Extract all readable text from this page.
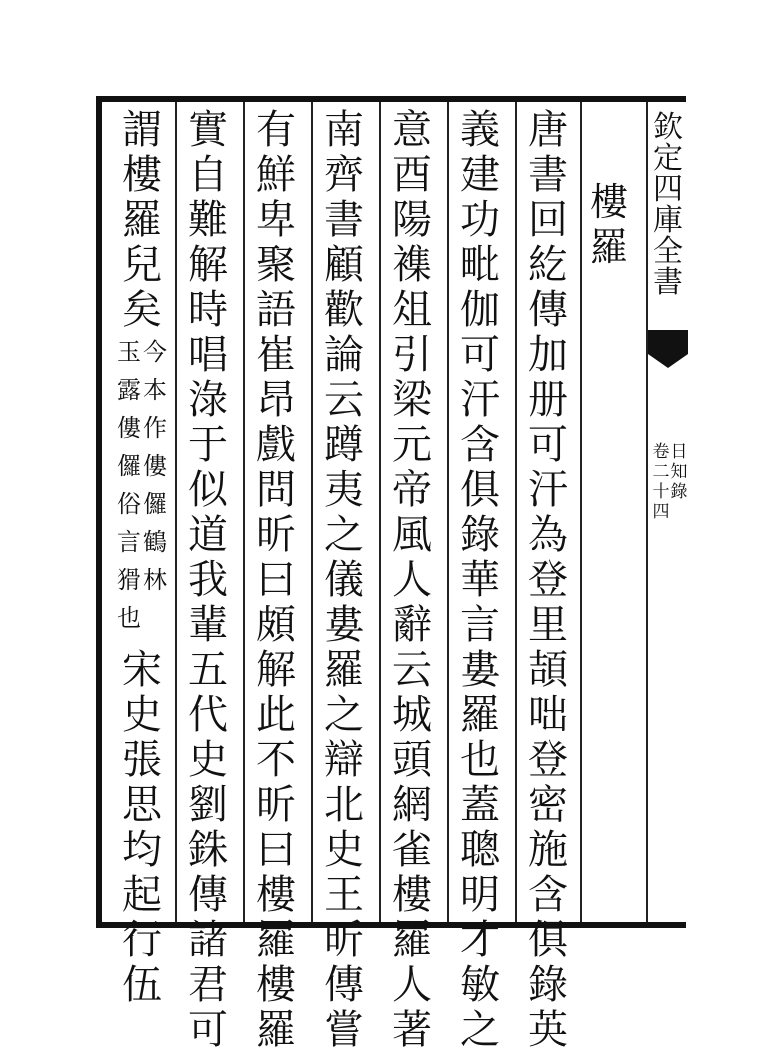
欽
定
四
庫
全
書
卷
二
十
四
日
知
錄
樓
羅
唐
書
回
紇
傳
加
册
可
汗
為
登
里
頡
咄
登
密
施
含
俱
錄
英
義
建
功
毗
伽
可
汗
含
俱
錄
華
言
婁
羅
也
蓋
聰
明
才
敏
之
意
酉
陽
襍
俎
引
梁
元
帝
風
人
辭
云
城
頭
網
雀
樓
羅
人
著
南
齊
書
顧
歡
論
云
蹲
夷
之
儀
婁
羅
之
辯
北
史
王
昕
傳
嘗
有
鮮
卑
聚
語
崔
昂
戲
問
昕
曰
頗
解
此
不
昕
曰
樓
羅
樓
羅
實
自
難
解
時
唱
淥
于
似
道
我
輩
五
代
史
劉
銖
傳
諸
君
可
謂
樓
羅
兒
矣
玉
露
僂
儸
俗
言
猾
也
今
本
作
僂
儸
鶴
林
宋
史
張
思
均
起
行
伍
